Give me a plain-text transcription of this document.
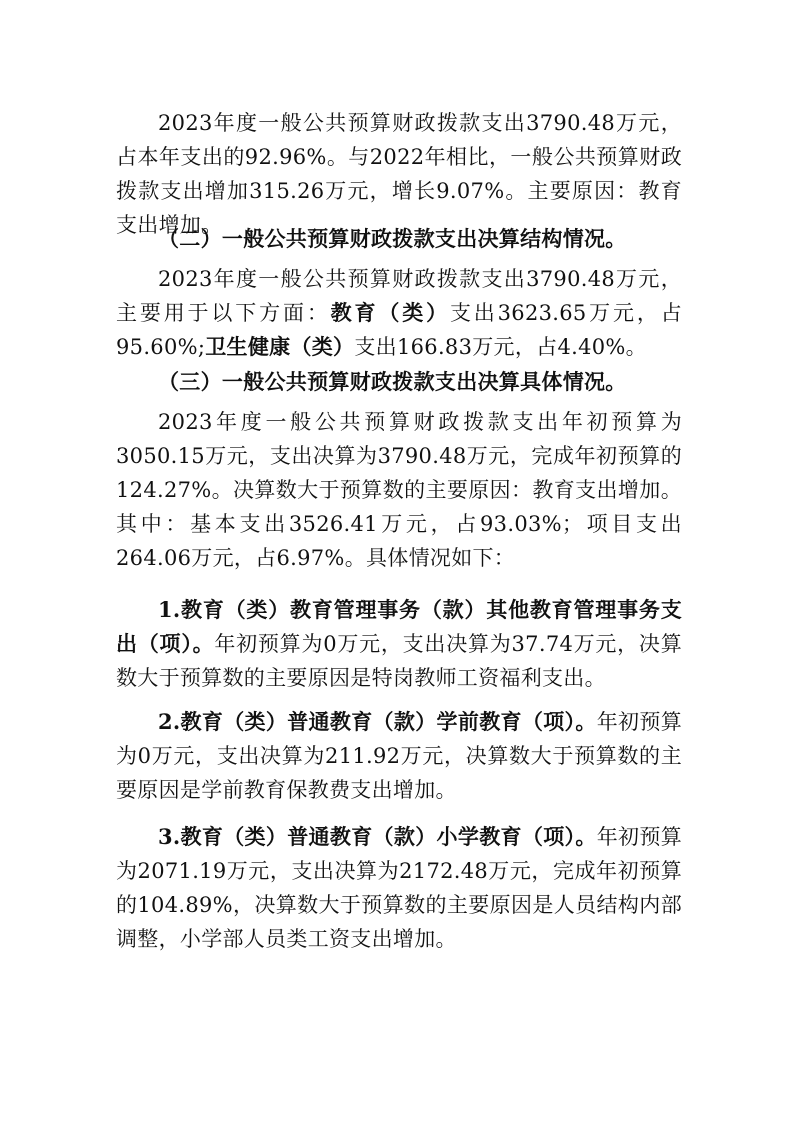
2023年度一般公共预算财政拨款支出3790.48万元，占本年支出的92.96%。与2022年相比，一般公共预算财政拨款支出增加315.26万元，增长9.07%。主要原因：教育支出增加。

（二）一般公共预算财政拨款支出决算结构情况。

2023年度一般公共预算财政拨款支出3790.48万元，主要用于以下方面：教育（类）支出3623.65万元，占95.60%;卫生健康（类）支出166.83万元，占4.40%。

（三）一般公共预算财政拨款支出决算具体情况。

2023年度一般公共预算财政拨款支出年初预算为3050.15万元，支出决算为3790.48万元，完成年初预算的124.27%。决算数大于预算数的主要原因：教育支出增加。其中：基本支出3526.41万元，占93.03%；项目支出264.06万元，占6.97%。具体情况如下：

1.教育（类）教育管理事务（款）其他教育管理事务支出（项）。年初预算为0万元，支出决算为37.74万元，决算数大于预算数的主要原因是特岗教师工资福利支出。

2.教育（类）普通教育（款）学前教育（项）。年初预算为0万元，支出决算为211.92万元，决算数大于预算数的主要原因是学前教育保教费支出增加。

3.教育（类）普通教育（款）小学教育（项）。年初预算为2071.19万元，支出决算为2172.48万元，完成年初预算的104.89%，决算数大于预算数的主要原因是人员结构内部调整，小学部人员类工资支出增加。
